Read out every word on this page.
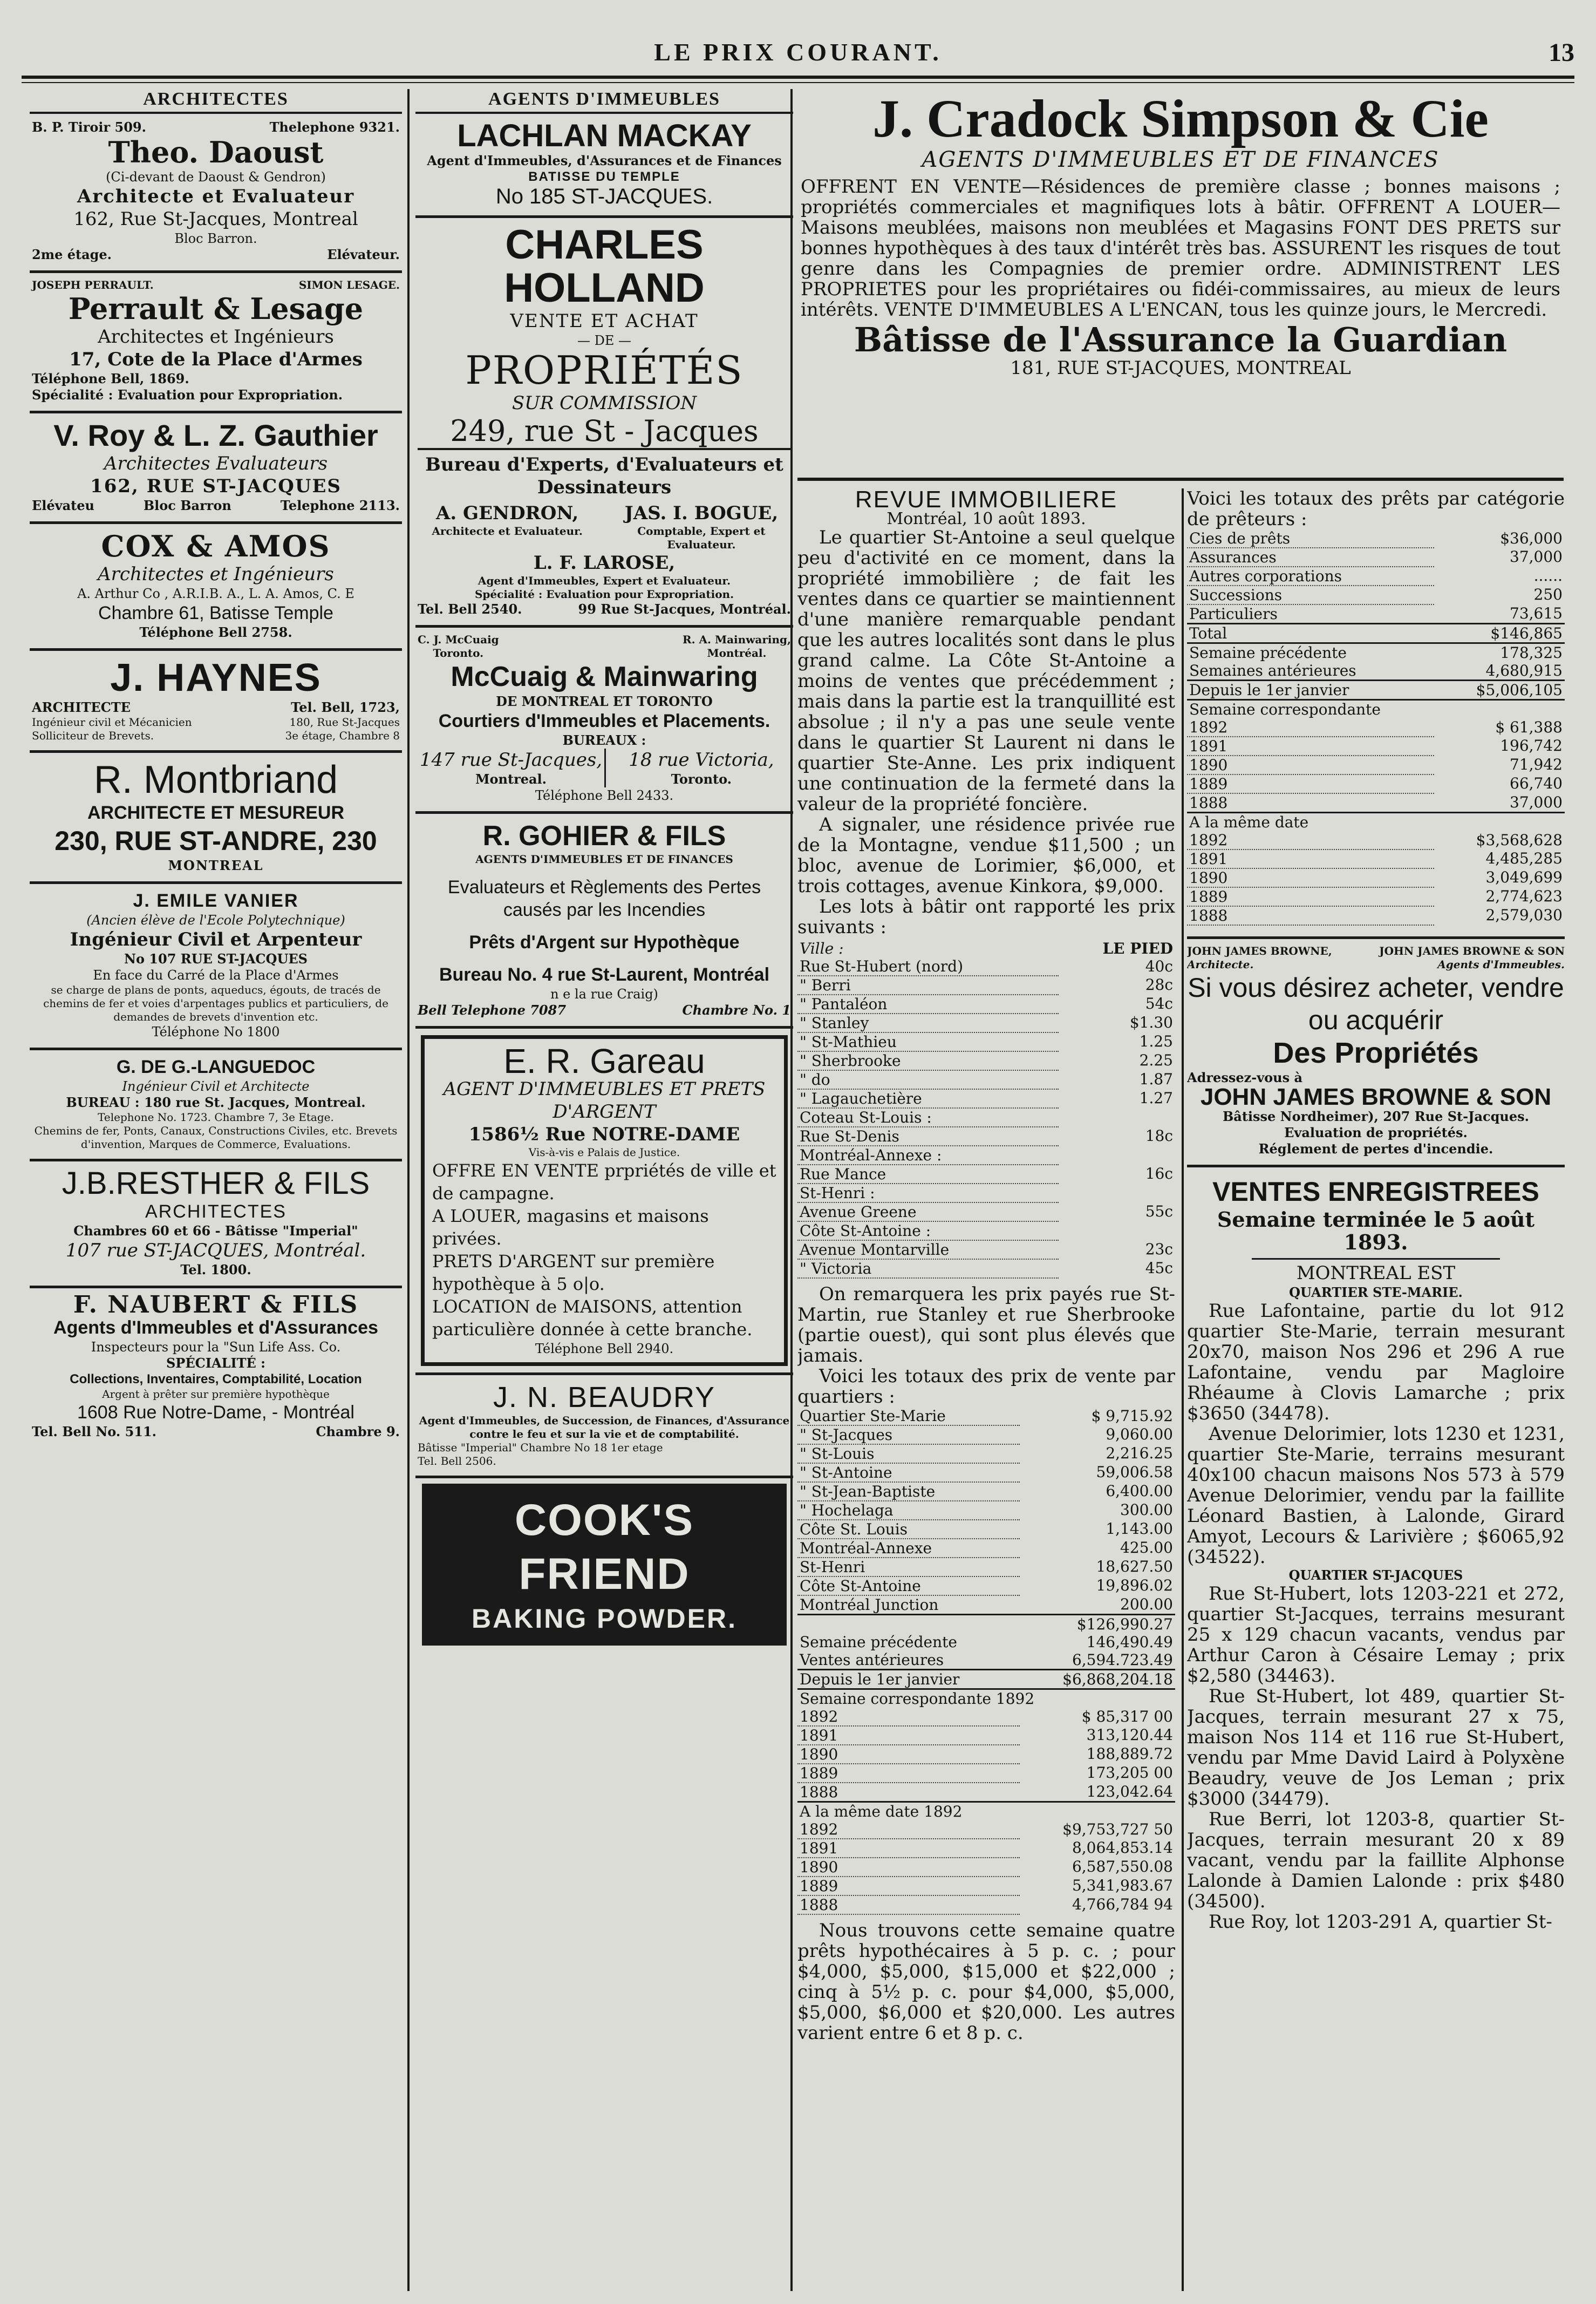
LE PRIX COURANT.	13
ARCHITECTES
B. P. Tiroir 509.	Thelephone 9321.
Theo. Daoust
(Ci-devant de Daoust & Gendron)
Architecte et Evaluateur
162, Rue St-Jacques, Montreal
Bloc Barron.
2me étage.	Elévateur.
JOSEPH PERRAULT.	SIMON LESAGE.
Perrault & Lesage
Architectes et Ingénieurs
17, Cote de la Place d'Armes
Téléphone Bell, 1869.
Spécialité : Evaluation pour Expropriation.
V. Roy & L. Z. Gauthier
Architectes Evaluateurs
162, RUE ST-JACQUES
Elévateu	Bloc Barron	Telephone 2113.
COX & AMOS
Architectes et Ingénieurs
A. Arthur Co , A.R.I.B. A., L. A. Amos, C. E
Chambre 61, Batisse Temple
Téléphone Bell 2758.
J. HAYNES
ARCHITECTE	Tel. Bell, 1723,
Ingénieur civil et Mécanicien	180, Rue St-Jacques
Solliciteur de Brevets.	3e étage, Chambre 8
R. Montbriand
ARCHITECTE ET MESUREUR
230, RUE ST-ANDRE, 230
MONTREAL
J. EMILE VANIER
(Ancien élève de l'Ecole Polytechnique)
Ingénieur Civil et Arpenteur
No 107 RUE ST-JACQUES
En face du Carré de la Place d'Armes
se charge de plans de ponts, aqueducs, égouts, de tracés de chemins de fer et voies d'arpentages publics et particuliers, de demandes de brevets d'invention etc.
Téléphone No 1800
G. DE G.-LANGUEDOC
Ingénieur Civil et Architecte
BUREAU : 180 rue St. Jacques, Montreal.
Telephone No. 1723. Chambre 7, 3e Etage.
Chemins de fer, Ponts, Canaux, Constructions Civiles, etc. Brevets d'invention, Marques de Commerce, Evaluations.
J.B.RESTHER & FILS
ARCHITECTES
Chambres 60 et 66 - Bâtisse "Imperial"
107 rue ST-JACQUES, Montréal.
Tel. 1800.
F. NAUBERT & FILS
Agents d'Immeubles et d'Assurances
Inspecteurs pour la "Sun Life Ass. Co.
SPÉCIALITÉ :
Collections, Inventaires, Comptabilité, Location
Argent à prêter sur première hypothèque
1608 Rue Notre-Dame, - Montréal
Tel. Bell No. 511.	Chambre 9.
AGENTS D'IMMEUBLES
LACHLAN MACKAY
Agent d'Immeubles, d'Assurances et de Finances
BATISSE DU TEMPLE
No 185 ST-JACQUES.
CHARLES HOLLAND
VENTE ET ACHAT
— DE —
PROPRIÉTÉS
SUR COMMISSION
249, rue St - Jacques
Bureau d'Experts, d'Evaluateurs et Dessinateurs
A. GENDRON,
Architecte et Evaluateur.
JAS. I. BOGUE,
Comptable, Expert et Evaluateur.
L. F. LAROSE,
Agent d'Immeubles, Expert et Evaluateur.
Spécialité : Evaluation pour Expropriation.
Tel. Bell 2540.	99 Rue St-Jacques, Montréal.
C. J. McCuaig
Toronto.
R. A. Mainwaring,
Montréal.
McCuaig & Mainwaring
DE MONTREAL ET TORONTO
Courtiers d'Immeubles et Placements.
BUREAUX :
147 rue St-Jacques,
Montreal.
18 rue Victoria,
Toronto.
Téléphone Bell 2433.
R. GOHIER & FILS
AGENTS D'IMMEUBLES ET DE FINANCES
Evaluateurs et Règlements des Pertes causés par les Incendies
Prêts d'Argent sur Hypothèque
Bureau No. 4 rue St-Laurent, Montréal
n e la rue Craig)
Bell Telephone 7087	Chambre No. 1
E. R. Gareau
AGENT D'IMMEUBLES ET PRETS D'ARGENT
1586½ Rue NOTRE-DAME
Vis-à-vis e Palais de Justice.
OFFRE EN VENTE prpriétés de ville et de campagne.
A LOUER, magasins et maisons privées.
PRETS D'ARGENT sur première hypothèque à 5 o|o.
LOCATION de MAISONS, attention particulière donnée à cette branche.
Téléphone Bell 2940.
J. N. BEAUDRY
Agent d'Immeubles, de Succession, de Finances, d'Assurance contre le feu et sur la vie et de comptabilité.
Bâtisse "Imperial" Chambre No 18 1er etage
Tel. Bell 2506.
COOK'S FRIEND
BAKING POWDER.
J. Cradock Simpson & Cie
AGENTS D'IMMEUBLES ET DE FINANCES
OFFRENT EN VENTE—Résidences de première classe ; bonnes maisons ; propriétés commerciales et magnifiques lots à bâtir. OFFRENT A LOUER—Maisons meublées, maisons non meublées et Magasins FONT DES PRETS sur bonnes hypothèques à des taux d'intérêt très bas. ASSURENT les risques de tout genre dans les Compagnies de premier ordre. ADMINISTRENT LES PROPRIETES pour les propriétaires ou fidéi-commissaires, au mieux de leurs intérêts. VENTE D'IMMEUBLES A L'ENCAN, tous les quinze jours, le Mercredi.
Bâtisse de l'Assurance la Guardian
181, RUE ST-JACQUES, MONTREAL
REVUE IMMOBILIERE
Montréal, 10 août 1893.
Le quartier St-Antoine a seul quelque peu d'activité en ce moment, dans la propriété immobilière ; de fait les ventes dans ce quartier se maintiennent d'une manière remarquable pendant que les autres localités sont dans le plus grand calme. La Côte St-Antoine a moins de ventes que précédemment ; mais dans la partie est la tranquillité est absolue ; il n'y a pas une seule vente dans le quartier St Laurent ni dans le quartier Ste-Anne. Les prix indiquent une continuation de la fermeté dans la valeur de la propriété foncière.
A signaler, une résidence privée rue de la Montagne, vendue $11,500 ; un bloc, avenue de Lorimier, $6,000, et trois cottages, avenue Kinkora, $9,000.
Les lots à bâtir ont rapporté les prix suivants :
Ville :	LE PIED
Rue St-Hubert (nord)	40c
" Berri	28c
" Pantaléon	54c
" Stanley	$1.30
" St-Mathieu	1.25
" Sherbrooke	2.25
" do	1.87
" Lagauchetière	1.27
Coteau St-Louis :	
Rue St-Denis	18c
Montréal-Annexe :	
Rue Mance	16c
St-Henri :	
Avenue Greene	55c
Côte St-Antoine :	
Avenue Montarville	23c
" Victoria	45c
On remarquera les prix payés rue St-Martin, rue Stanley et rue Sherbrooke (partie ouest), qui sont plus élevés que jamais.
Voici les totaux des prix de vente par quartiers :
Quartier Ste-Marie	$ 9,715.92
" St-Jacques	9,060.00
" St-Louis	2,216.25
" St-Antoine	59,006.58
" St-Jean-Baptiste	6,400.00
" Hochelaga	300.00
Côte St. Louis	1,143.00
Montréal-Annexe	425.00
St-Henri	18,627.50
Côte St-Antoine	19,896.02
Montréal Junction	200.00
	$126,990.27
Semaine précédente	146,490.49
Ventes antérieures	6,594.723.49
Depuis le 1er janvier	$6,868,204.18
Semaine correspondante 1892	
1892	$ 85,317 00
1891	313,120.44
1890	188,889.72
1889	173,205 00
1888	123,042.64
A la même date 1892	
1892	$9,753,727 50
1891	8,064,853.14
1890	6,587,550.08
1889	5,341,983.67
1888	4,766,784 94
Nous trouvons cette semaine quatre prêts hypothécaires à 5 p. c. ; pour $4,000, $5,000, $15,000 et $22,000 ; cinq à 5½ p. c. pour $4,000, $5,000, $5,000, $6,000 et $20,000. Les autres varient entre 6 et 8 p. c.
Voici les totaux des prêts par catégorie de prêteurs :
Cies de prêts	$36,000
Assurances	37,000
Autres corporations	......
Successions	250
Particuliers	73,615
Total	$146,865
Semaine précédente	178,325
Semaines antérieures	4,680,915
Depuis le 1er janvier	$5,006,105
Semaine correspondante	
1892	$ 61,388
1891	196,742
1890	71,942
1889	66,740
1888	37,000
A la même date	
1892	$3,568,628
1891	4,485,285
1890	3,049,699
1889	2,774,623
1888	2,579,030
JOHN JAMES BROWNE,
Architecte.
JOHN JAMES BROWNE & SON
Agents d'Immeubles.
Si vous désirez acheter, vendre ou acquérir
Des Propriétés
Adressez-vous à
JOHN JAMES BROWNE & SON
Bâtisse Nordheimer), 207 Rue St-Jacques.
Evaluation de propriétés.
Réglement de pertes d'incendie.
VENTES ENREGISTREES
Semaine terminée le 5 août 1893.
MONTREAL EST
QUARTIER STE-MARIE.
Rue Lafontaine, partie du lot 912 quartier Ste-Marie, terrain mesurant 20x70, maison Nos 296 et 296 A rue Lafontaine, vendu par Magloire Rhéaume à Clovis Lamarche ; prix $3650 (34478).
Avenue Delorimier, lots 1230 et 1231, quartier Ste-Marie, terrains mesurant 40x100 chacun maisons Nos 573 à 579 Avenue Delorimier, vendu par la faillite Léonard Bastien, à Lalonde, Girard Amyot, Lecours & Larivière ; $6065,92 (34522).
QUARTIER ST-JACQUES
Rue St-Hubert, lots 1203-221 et 272, quartier St-Jacques, terrains mesurant 25 x 129 chacun vacants, vendus par Arthur Caron à Césaire Lemay ; prix $2,580 (34463).
Rue St-Hubert, lot 489, quartier St-Jacques, terrain mesurant 27 x 75, maison Nos 114 et 116 rue St-Hubert, vendu par Mme David Laird à Polyxène Beaudry, veuve de Jos Leman ; prix $3000 (34479).
Rue Berri, lot 1203-8, quartier St-Jacques, terrain mesurant 20 x 89 vacant, vendu par la faillite Alphonse Lalonde à Damien Lalonde : prix $480 (34500).
Rue Roy, lot 1203-291 A, quartier St-
